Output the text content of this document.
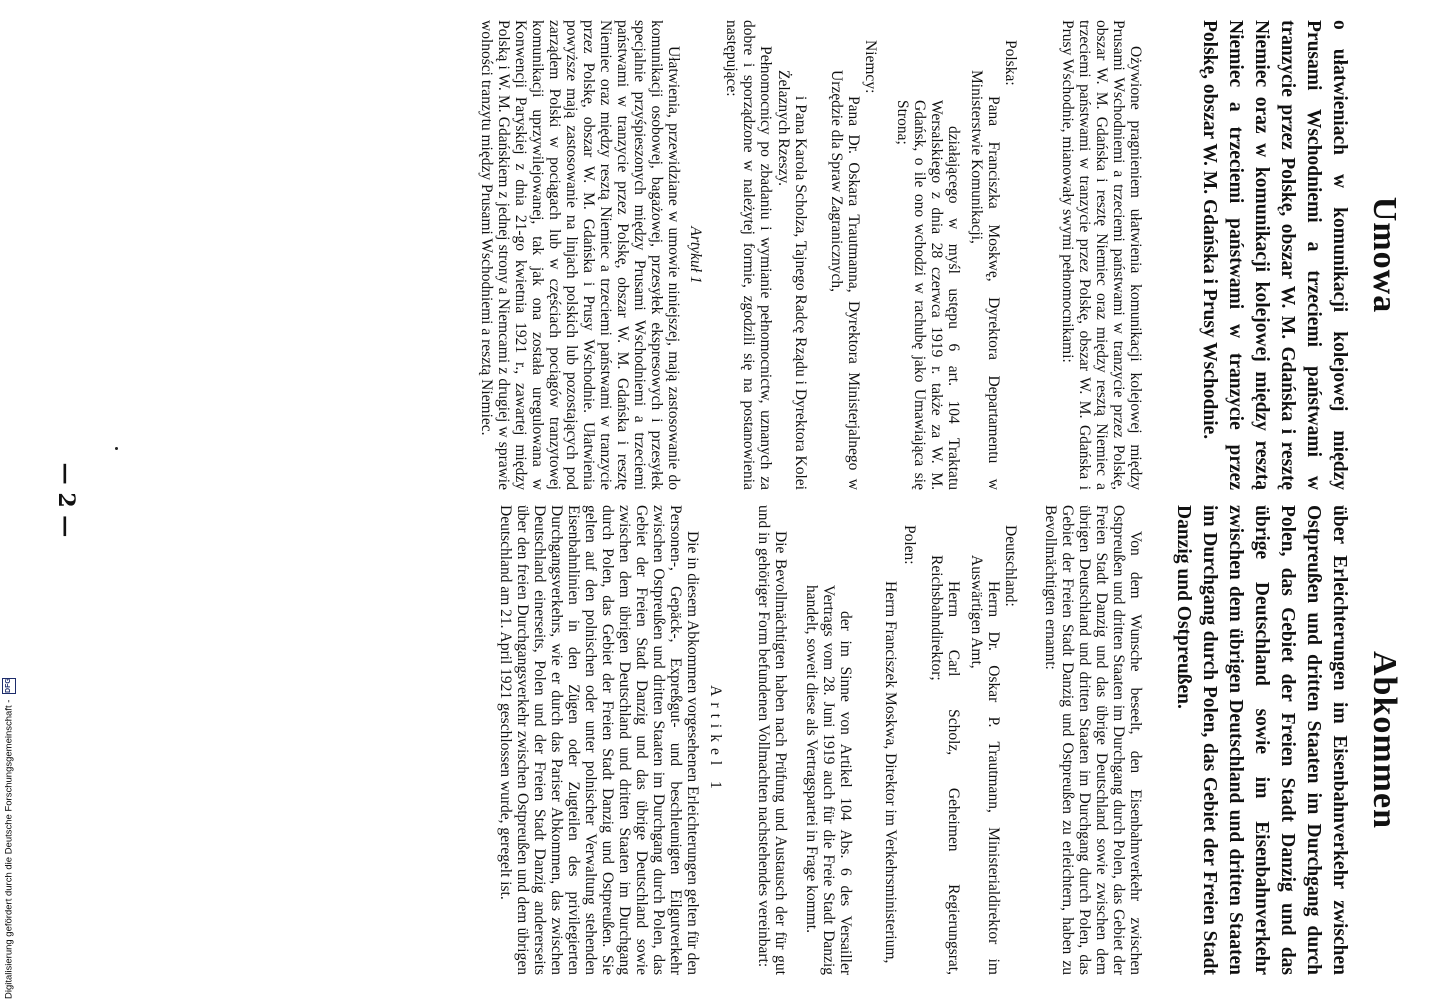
— 2 —
Abkommen
über Erleichterungen im Eisenbahnverkehr zwischen Ostpreußen und dritten Staaten im Durchgang durch Polen, das Gebiet der Freien Stadt Danzig und das übrige Deutschland sowie im Eisenbahnverkehr zwischen dem übrigen Deutschland und dritten Staaten im Durchgang durch Polen, das Gebiet der Freien Stadt Danzig und Ostpreußen.

Von dem Wunsche beseelt, den Eisenbahnverkehr zwischen Ostpreußen und dritten Staaten im Durchgang durch Polen, das Gebiet der Freien Stadt Danzig und das übrige Deutschland sowie zwischen dem übrigen Deutschland und dritten Staaten im Durchgang durch Polen, das Gebiet der Freien Stadt Danzig und Ostpreußen zu erleichtern, haben zu Bevollmächtigten ernannt:

Deutschland:

Herrn Dr. Oskar P. Trautmann, Ministerialdirektor im Auswärtigen Amt,

Herrn Carl Scholz, Geheimen Regierungsrat, Reichsbahndirektor;

Polen:

Herrn Franciszek Moskwa, Direktor im Verkehrsministerium,

der im Sinne von Artikel 104 Abs. 6 des Versailler Vertrags vom 28. Juni 1919 auch für die Freie Stadt Danzig handelt, soweit diese als Vertragspartei in Frage kommt.

Die Bevollmächtigten haben nach Prüfung und Austausch der für gut und in gehöriger Form befundenen Vollmachten nachstehendes vereinbart:

Artikel 1

Die in diesem Abkommen vorgesehenen Erleichterungen gelten für den Personen-, Gepäck-, Expreßgut- und beschleunigten Eilgutverkehr zwischen Ostpreußen und dritten Staaten im Durchgang durch Polen, das Gebiet der Freien Stadt Danzig und das übrige Deutschland sowie zwischen dem übrigen Deutschland und dritten Staaten im Durchgang durch Polen, das Gebiet der Freien Stadt Danzig und Ostpreußen. Sie gelten auf den polnischen oder unter polnischer Verwaltung stehenden Eisenbahnlinien in den Zügen oder Zugteilen des privilegierten Durchgangsverkehrs, wie er durch das Pariser Abkommen, das zwischen Deutschland einerseits, Polen und der Freien Stadt Danzig andererseits über den freien Durchgangsverkehr zwischen Ostpreußen und dem übrigen Deutschland am 21. April 1921 geschlossen wurde, geregelt ist.

Umowa
o ułatwieniach w komunikacji kolejowej między Prusami Wschodniemi a trzeciemi państwami w tranzycie przez Polskę, obszar W. M. Gdańska i resztę Niemiec oraz w komunikacji kolejowej między resztą Niemiec a trzeciemi państwami w tranzycie przez Polskę, obszar W. M. Gdańska i Prusy Wschodnie.

Ożywione pragnieniem ułatwienia komunikacji kolejowej między Prusami Wschodniemi a trzeciemi państwami w tranzycie przez Polskę, obszar W. M. Gdańska i resztę Niemiec oraz między resztą Niemiec a trzeciemi państwami w tranzycie przez Polskę, obszar W. M. Gdańska i Prusy Wschodnie, mianowały swymi pełnomocnikami:

Polska:

Pana Franciszka Moskwę, Dyrektora Departamentu w Ministerstwie Komunikacji,

działającego w myśl ustępu 6 art. 104 Traktatu Wersalskiego z dnia 28 czerwca 1919 r. także za W. M. Gdańsk, o ile ono wchodzi w rachubę jako Umawiająca się Strona;

Niemcy:

Pana Dr. Oskara Trautmanna, Dyrektora Ministerjalnego w Urzędzie dla Spraw Zagranicznych,

i Pana Karola Scholza, Tajnego Radcę Rządu i Dyrektora Kolei Żelaznych Rzeszy.

Pełnomocnicy po zbadaniu i wymianie pełnomocnictw, uznanych za dobre i sporządzone w należytej formie, zgodzili się na postanowienia następujące:

Artykuł 1

Ułatwienia, przewidziane w umowie niniejszej, mają zastosowanie do komunikacji osobowej, bagażowej, przesyłek ekspresowych i przesyłek specjalnie przyśpieszonych między Prusami Wschodniemi a trzeciemi państwami w tranzycie przez Polskę, obszar W. M. Gdańska i resztę Niemiec oraz między resztą Niemiec a trzeciemi państwami w tranzycie przez Polskę, obszar W. M. Gdańska i Prusy Wschodnie. Ułatwienia powyższe mają zastosowanie na linjach polskich lub pozostających pod zarządem Polski w pociągach lub w częściach pociągów tranzytowej komunikacji uprzywilejowanej, tak jak ona została uregulowana w Konwencji Paryskiej z dnia 21-go kwietnia 1921 r., zawartej między Polską i W. M. Gdańskiem z jednej strony a Niemcami z drugiej w sprawie wolności tranzytu między Prusami Wschodniemi a resztą Niemiec.

Digitalisierung gefördert durch die Deutsche Forschungsgemeinschaft - DFG
